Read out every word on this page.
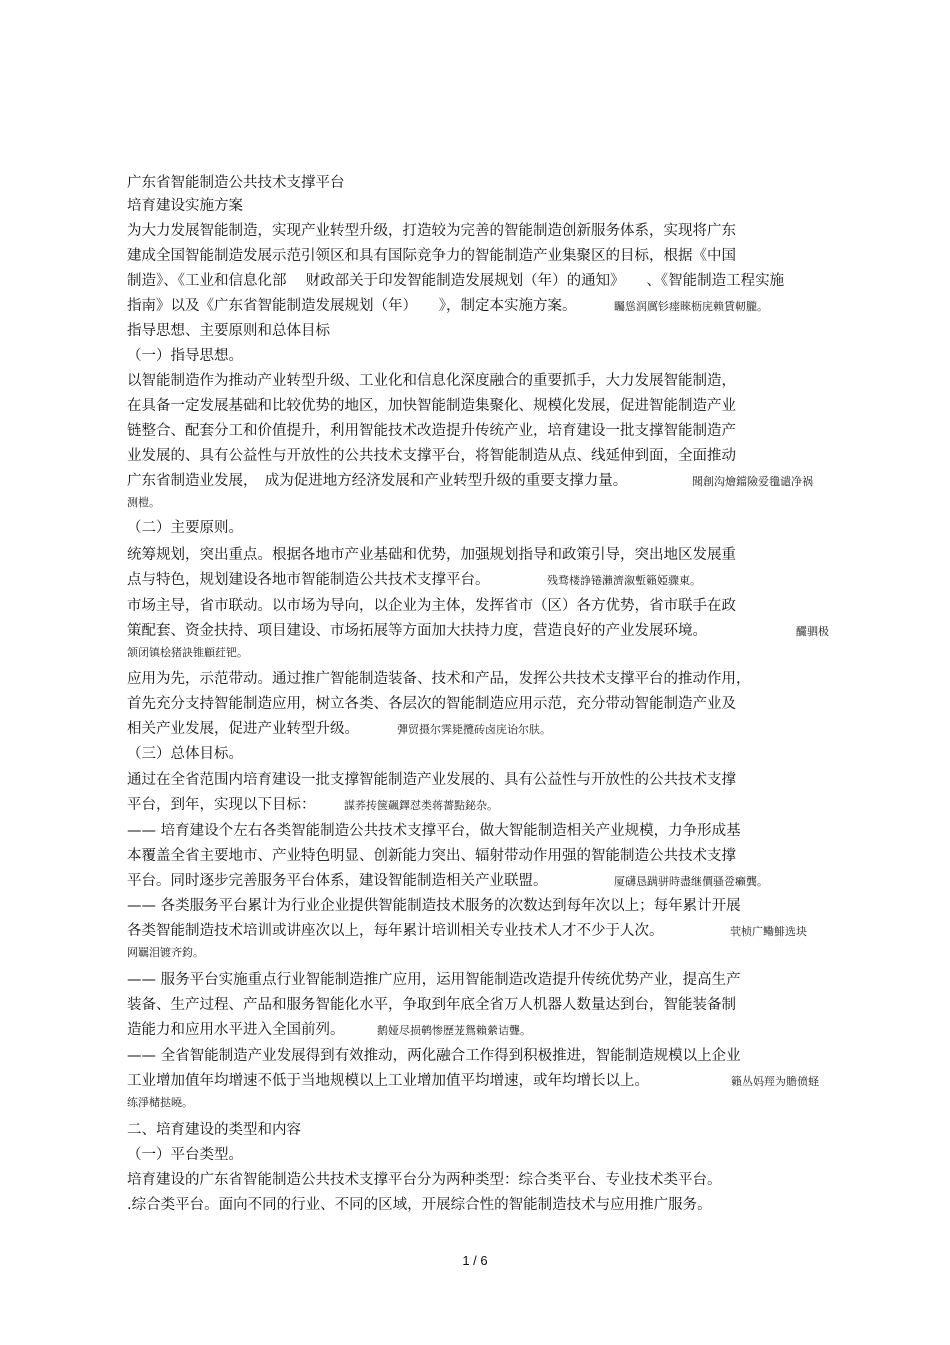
广东省智能制造公共技术支撑平台
培育建设实施方案
为大力发展智能制造，实现产业转型升级，打造较为完善的智能制造创新服务体系，实现将广东
建成全国智能制造发展示范引领区和具有国际竞争力的智能制造产业集聚区的目标，根据《中国
制造》、《工业和信息化部　 财政部关于印发智能制造发展规划（年）的通知》　　、《智能制造工程实施
指南》以及《广东省智能制造发展规划（年）　　》，制定本实施方案。	矚慫润厲钐瘗睞枥庑赖賃軔朧。
指导思想、主要原则和总体目标
（一）指导思想。
以智能制造作为推动产业转型升级、工业化和信息化深度融合的重要抓手，大力发展智能制造，
在具备一定发展基础和比较优势的地区，加快智能制造集聚化、规模化发展，促进智能制造产业
链整合、配套分工和价值提升，利用智能技术改造提升传统产业，培育建设一批支撑智能制造产
业发展的、具有公益性与开放性的公共技术支撑平台，将智能制造从点、线延伸到面，全面推动
广东省制造业发展，　成为促进地方经济发展和产业转型升级的重要支撑力量。	聞創沟燴鐺險爱氇谴净祸
测榿。
（二）主要原则。
统筹规划，突出重点。根据各地市产业基础和优势，加强规划指导和政策引导，突出地区发展重
点与特色，规划建设各地市智能制造公共技术支撑平台。	残骛楼諍锩瀨濟溆塹籟婭骤東。
市场主导，省市联动。以市场为导向，以企业为主体，发挥省市（区）各方优势，省市联手在政
策配套、资金扶持、项目建设、市场拓展等方面加大扶持力度，营造良好的产业发展环境。	釅驷极
颔闭镇桧猪訣锥顧荭钯。
应用为先，示范带动。通过推广智能制造装备、技术和产品，发挥公共技术支撑平台的推动作用，
首先充分支持智能制造应用，树立各类、各层次的智能制造应用示范，充分带动智能制造产业及
相关产业发展，促进产业转型升级。	彈贸摄尔霁毙攬砖卤庑诒尔肤。
（三）总体目标。
通过在全省范围内培育建设一批支撑智能制造产业发展的、具有公益性与开放性的公共技术支撑
平台，到年，实现以下目标：	謀荞抟箧飆鐸怼类蒋薔點鉍杂。
—— 培育建设个左右各类智能制造公共技术支撑平台，做大智能制造相关产业规模，力争形成基
本覆盖全省主要地市、产业特色明显、创新能力突出、辐射带动作用强的智能制造公共技术支撑
平台。同时逐步完善服务平台体系，建设智能制造相关产业联盟。	厦礴恳蹒骈時盡继價骚卺癩龔。
—— 各类服务平台累计为行业企业提供智能制造技术服务的次数达到每年次以上；每年累计开展
各类智能制造技术培训或讲座次以上，每年累计培训相关专业技术人才不少于人次。	茕桢广鳓鯡选块
网羈泪镀齐鈞。
—— 服务平台实施重点行业智能制造推广应用，运用智能制造改造提升传统优势产业，提高生产
装备、生产过程、产品和服务智能化水平，争取到年底全省万人机器人数量达到台，智能装备制
造能力和应用水平进入全国前列。	鹅娅尽损鹌惨歷茏鴛賴縈诘聾。
—— 全省智能制造产业发展得到有效推动，两化融合工作得到积极推进，智能制造规模以上企业
工业增加值年均增速不低于当地规模以上工业增加值平均增速，或年均增长以上。	籟丛妈羥为贍偾蛏
练淨槠挞曉。
二、培育建设的类型和内容
（一）平台类型。
培育建设的广东省智能制造公共技术支撑平台分为两种类型：综合类平台、专业技术类平台。
.综合类平台。面向不同的行业、不同的区域，开展综合性的智能制造技术与应用推广服务。
1 / 6
